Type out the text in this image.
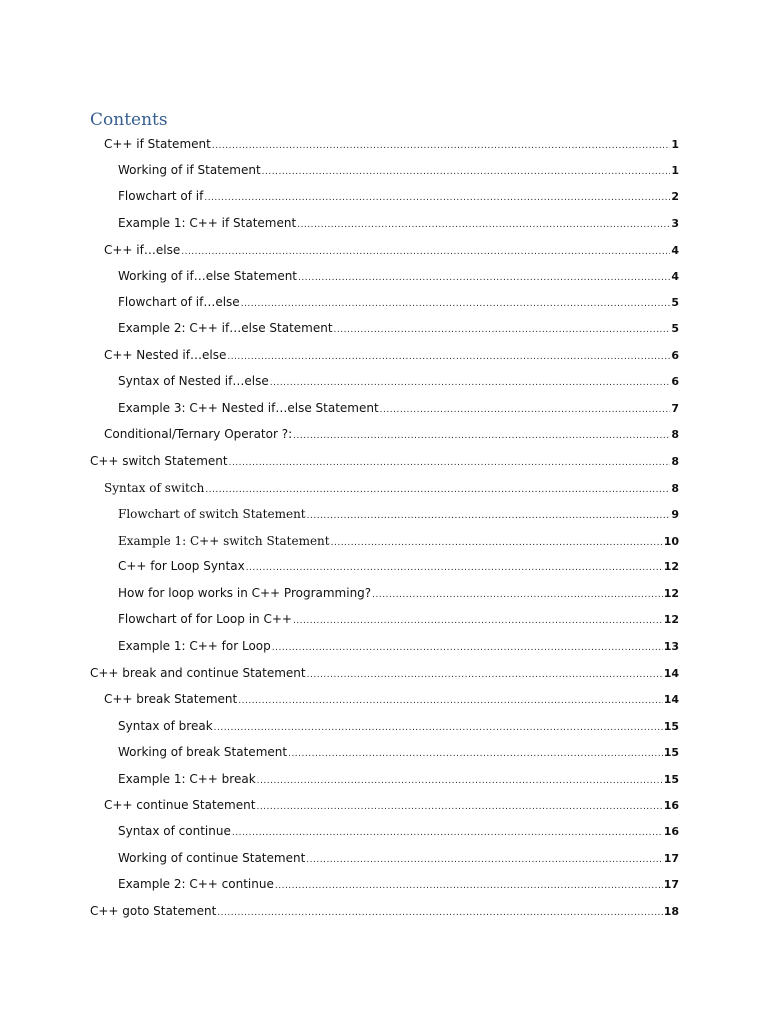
Contents
C++ if Statement .....	1
Working of if Statement .....	1
Flowchart of if .....	2
Example 1: C++ if Statement .....	3
C++ if…else .....	4
Working of if…else Statement .....	4
Flowchart of if…else .....	5
Example 2: C++ if…else Statement .....	5
C++ Nested if…else .....	6
Syntax of Nested if…else .....	6
Example 3: C++ Nested if…else Statement .....	7
Conditional/Ternary Operator ?: .....	8
C++ switch Statement .....	8
Syntax of switch .....	8
Flowchart of switch Statement .....	9
Example 1: C++ switch Statement .....	10
C++ for Loop Syntax .....	12
How for loop works in C++ Programming? .....	12
Flowchart of for Loop in C++ .....	12
Example 1: C++ for Loop .....	13
C++ break and continue Statement .....	14
C++ break Statement .....	14
Syntax of break .....	15
Working of break Statement .....	15
Example 1: C++ break .....	15
C++ continue Statement .....	16
Syntax of continue .....	16
Working of continue Statement .....	17
Example 2: C++ continue .....	17
C++ goto Statement .....	18
